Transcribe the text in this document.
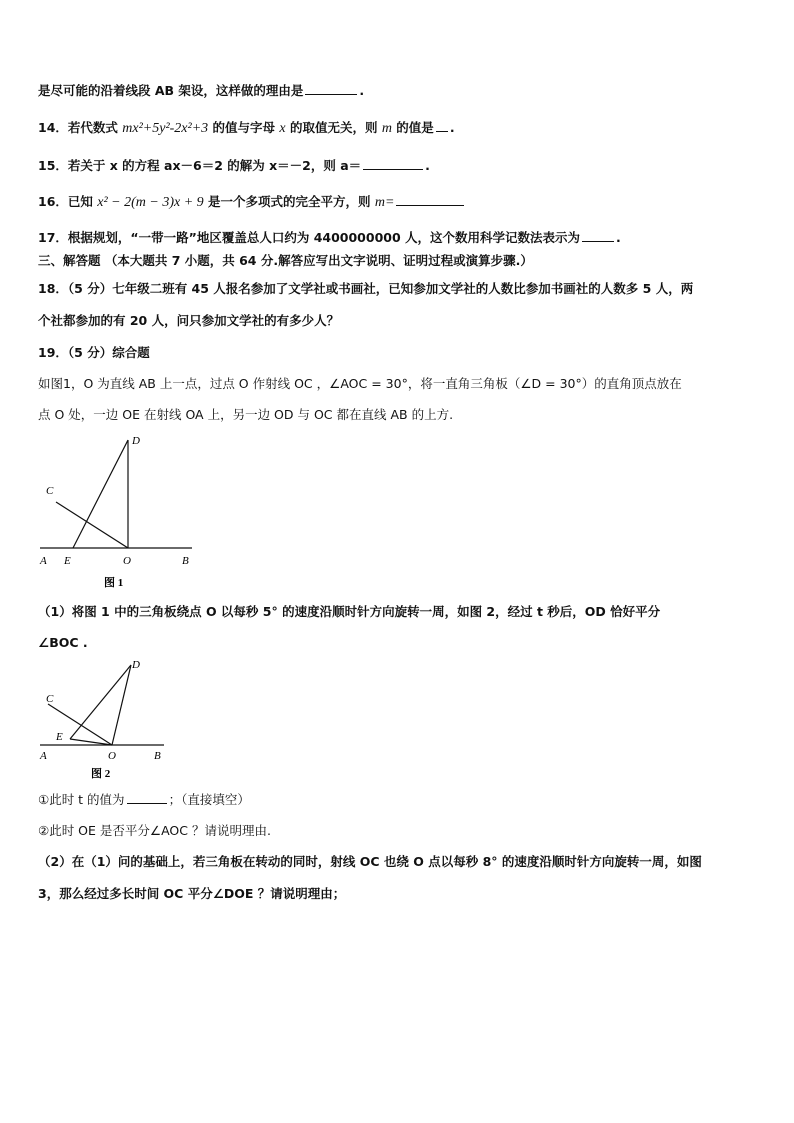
是尽可能的沿着线段 AB 架设，这样做的理由是	.
14．若代数式 mx²+5y²-2x²+3 的值与字母 x 的取值无关，则 m 的值是 .
15．若关于 x 的方程 ax－6＝2 的解为 x＝－2，则 a＝	.
16．已知 x² − 2(m − 3)x + 9 是一个多项式的完全平方，则 m=
17．根据规划，“一带一路”地区覆盖总人口约为 4400000000 人，这个数用科学记数法表示为	.
三、解答题 （本大题共 7 小题，共 64 分.解答应写出文字说明、证明过程或演算步骤.）
18．（5 分）七年级二班有 45 人报名参加了文学社或书画社，已知参加文学社的人数比参加书画社的人数多 5 人，两
个社都参加的有 20 人，问只参加文学社的有多少人？
19．（5 分）综合题
如图1，O 为直线 AB 上一点，过点 O 作射线 OC ，∠AOC = 30°，将一直角三角板（∠D = 30°）的直角顶点放在
点 O 处，一边 OE 在射线 OA 上，另一边 OD 与 OC 都在直线 AB 的上方.
A E	O	B
C
D
图 1
（1）将图 1 中的三角板绕点 O 以每秒 5° 的速度沿顺时针方向旋转一周，如图 2，经过 t 秒后，OD 恰好平分
∠BOC .
A
E
O	B
C
D
图 2
①此时 t 的值为	；（直接填空）
②此时 OE 是否平分∠AOC ？请说明理由.
（2）在（1）问的基础上，若三角板在转动的同时，射线 OC 也绕 O 点以每秒 8° 的速度沿顺时针方向旋转一周，如图
3，那么经过多长时间 OC 平分∠DOE ？请说明理由；
